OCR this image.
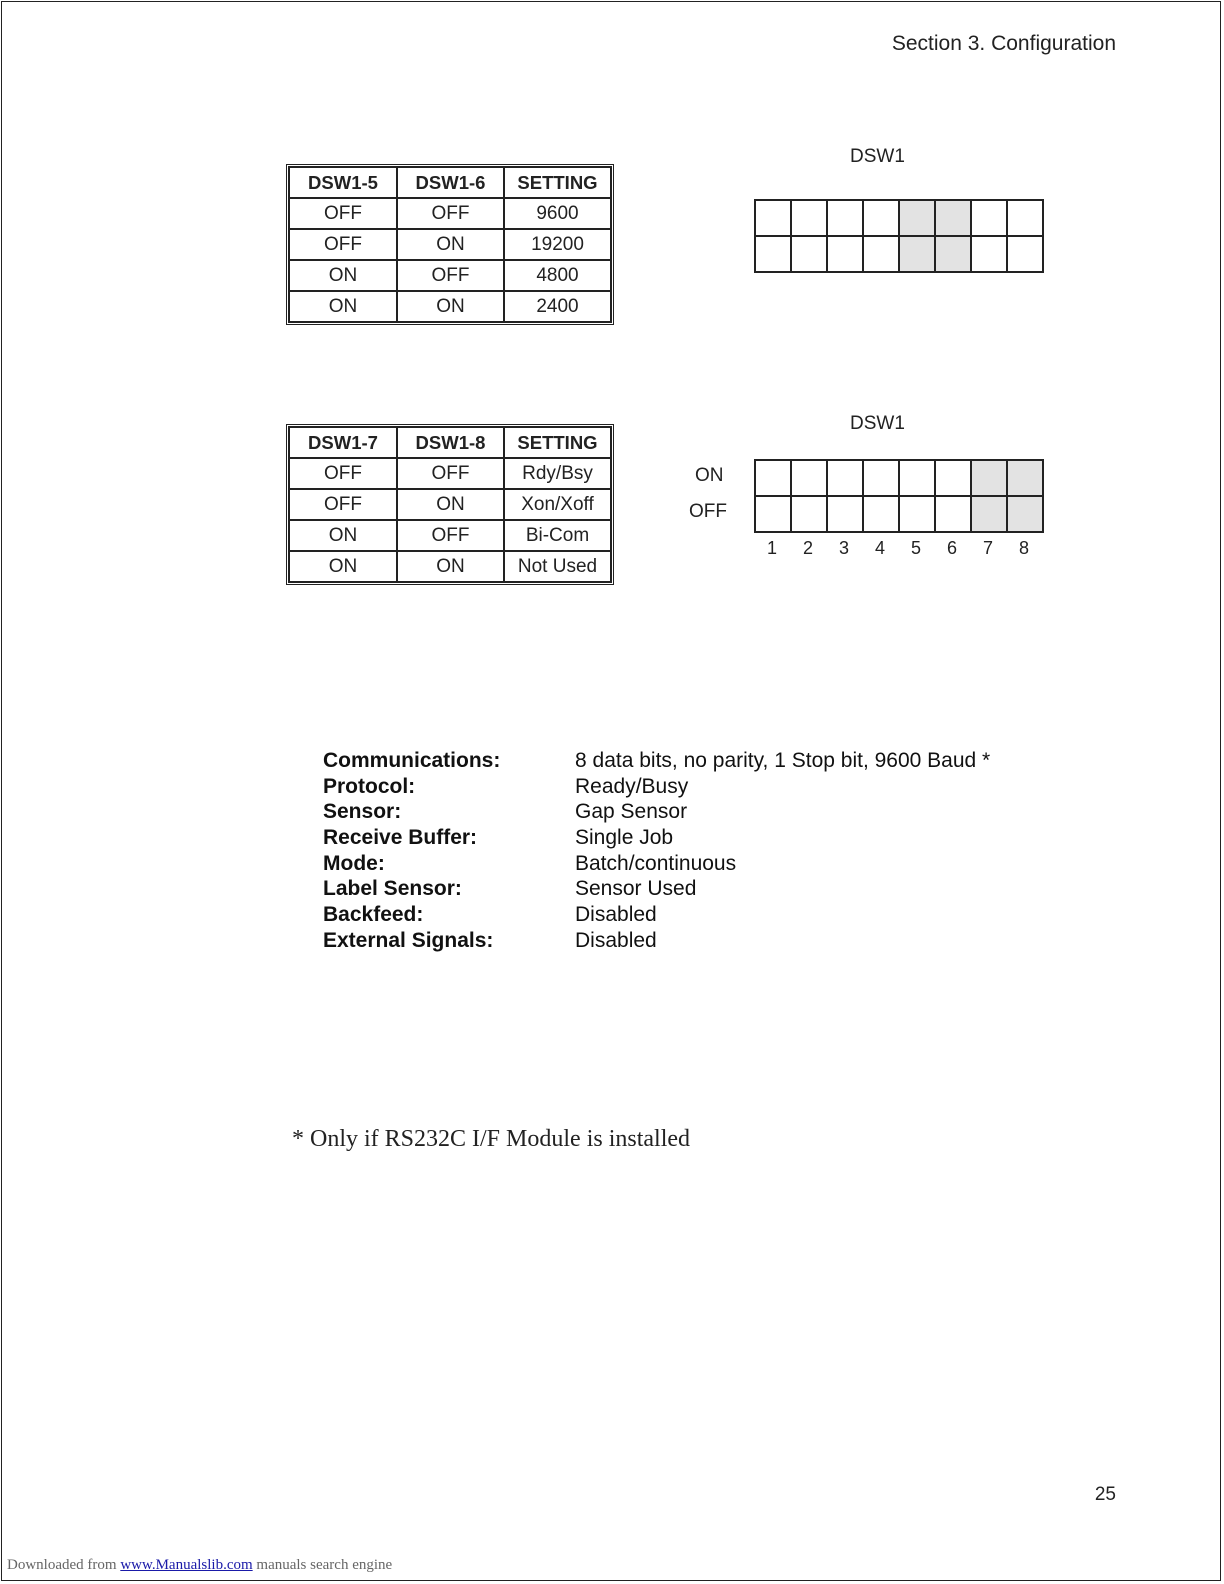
Section 3. Configuration
DSW1-5	DSW1-6	SETTING
OFF	OFF	9600
OFF	ON	19200
ON	OFF	4800
ON	ON	2400
DSW1
DSW1-7	DSW1-8	SETTING
OFF	OFF	Rdy/Bsy
OFF	ON	Xon/Xoff
ON	OFF	Bi-Com
ON	ON	Not Used
DSW1
ON
OFF
1	2	3	4	5	6	7	8
Communications:	8 data bits, no parity, 1 Stop bit, 9600 Baud *
Protocol:	Ready/Busy
Sensor:	Gap Sensor
Receive Buffer:	Single Job
Mode:	Batch/continuous
Label Sensor:	Sensor Used
Backfeed:	Disabled
External Signals:	Disabled
* Only if RS232C I/F Module is installed
25
Downloaded from www.Manualslib.com manuals search engine
